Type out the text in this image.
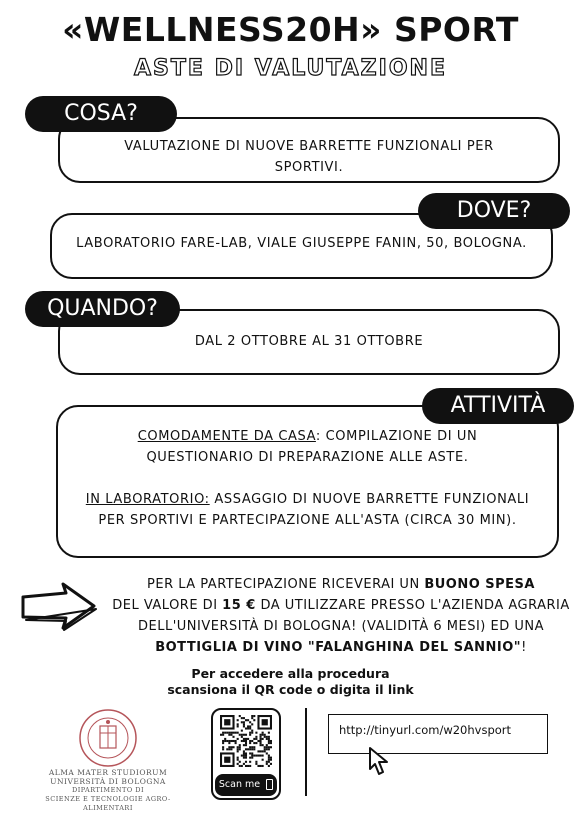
«WELLNESS20H» SPORT
ASTE DI VALUTAZIONE
VALUTAZIONE DI NUOVE BARRETTE FUNZIONALI PER SPORTIVI.
COSA?
LABORATORIO FARE-LAB, VIALE GIUSEPPE FANIN, 50, BOLOGNA.
DOVE?
DAL 2 OTTOBRE AL 31 OTTOBRE
QUANDO?
COMODAMENTE DA CASA: COMPILAZIONE DI UN QUESTIONARIO DI PREPARAZIONE ALLE ASTE.
IN LABORATORIO: ASSAGGIO DI NUOVE BARRETTE FUNZIONALI PER SPORTIVI E PARTECIPAZIONE ALL'ASTA (CIRCA 30 MIN).
ATTIVITÀ
PER LA PARTECIPAZIONE RICEVERAI UN BUONO SPESA
DEL VALORE DI 15 € DA UTILIZZARE PRESSO L'AZIENDA AGRARIA DELL'UNIVERSITÀ DI BOLOGNA! (VALIDITÀ 6 MESI) ED UNA BOTTIGLIA DI VINO "FALANGHINA DEL SANNIO"!
Per accedere alla procedura
scansiona il QR code o digita il link
ALMA MATER STUDIORUM
UNIVERSITÀ DI BOLOGNA
DIPARTIMENTO DI
SCIENZE E TECNOLOGIE AGRO-ALIMENTARI
Scan me
http://tinyurl.com/w20hvsport
